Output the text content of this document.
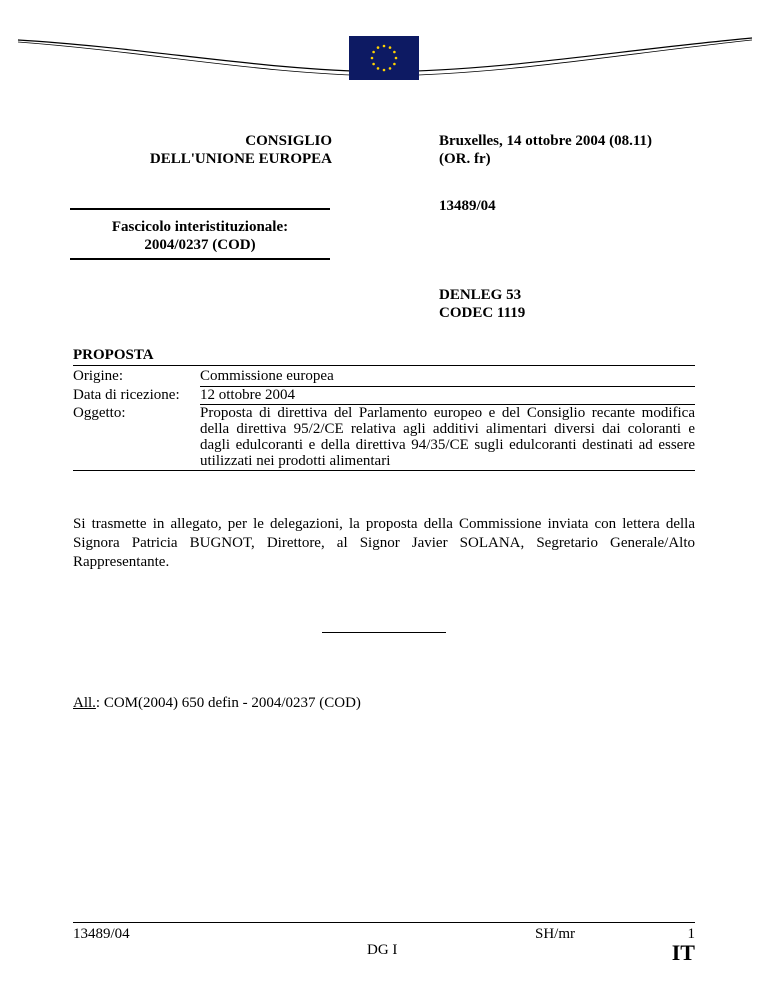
CONSIGLIO
DELL'UNIONE EUROPEA
Bruxelles, 14 ottobre 2004 (08.11)
(OR. fr)
13489/04
Fascicolo interistituzionale:
2004/0237 (COD)
DENLEG 53
CODEC 1119
PROPOSTA
Origine:	Commissione europea
Data di ricezione:	12 ottobre 2004
Oggetto:	Proposta di direttiva del Parlamento europeo e del Consiglio recante modifica
della direttiva 95/2/CE relativa agli additivi alimentari diversi dai coloranti e
dagli edulcoranti e della direttiva 94/35/CE sugli edulcoranti destinati ad essere
utilizzati nei prodotti alimentari
Si trasmette in allegato, per le delegazioni, la proposta della Commissione inviata con lettera della Signora Patricia BUGNOT, Direttore, al Signor Javier SOLANA, Segretario Generale/Alto Rappresentante.
All.: COM(2004) 650 defin - 2004/0237 (COD)
13489/04
DG I
SH/mr	1
IT
